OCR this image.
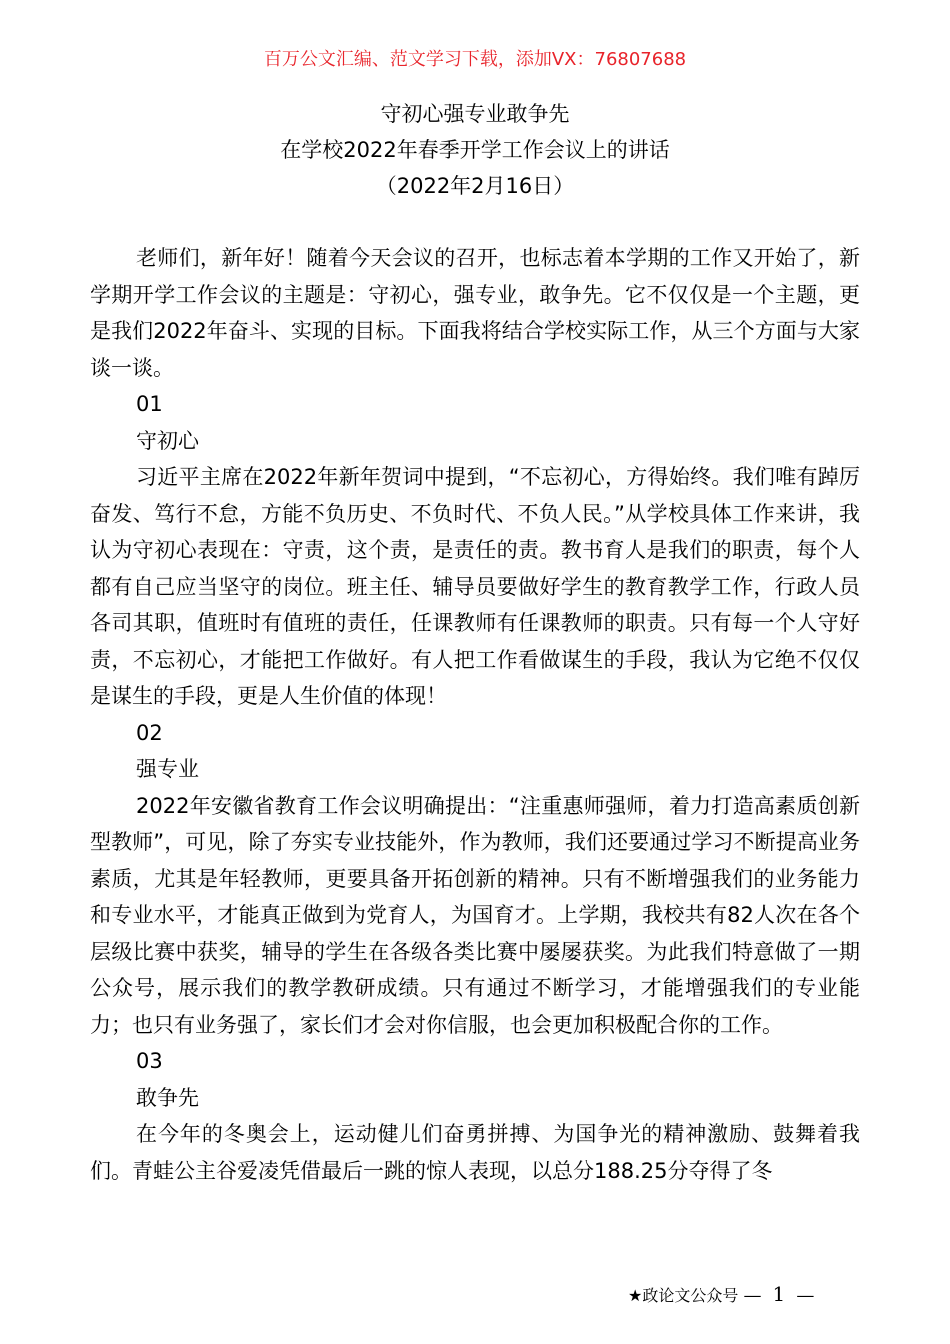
百万公文汇编、范文学习下载，添加VX：76807688
守初心强专业敢争先
在学校2022年春季开学工作会议上的讲话
（2022年2月16日）

老师们，新年好！随着今天会议的召开，也标志着本学期的工作又开始了，新学期开学工作会议的主题是：守初心，强专业，敢争先。它不仅仅是一个主题，更是我们2022年奋斗、实现的目标。下面我将结合学校实际工作，从三个方面与大家谈一谈。

01

守初心

习近平主席在2022年新年贺词中提到，“不忘初心，方得始终。我们唯有踔厉奋发、笃行不怠，方能不负历史、不负时代、不负人民。”从学校具体工作来讲，我认为守初心表现在：守责，这个责，是责任的责。教书育人是我们的职责，每个人都有自己应当坚守的岗位。班主任、辅导员要做好学生的教育教学工作，行政人员各司其职，值班时有值班的责任，任课教师有任课教师的职责。只有每一个人守好责，不忘初心，才能把工作做好。有人把工作看做谋生的手段，我认为它绝不仅仅是谋生的手段，更是人生价值的体现！

02

强专业

2022年安徽省教育工作会议明确提出：“注重惠师强师，着力打造高素质创新型教师”，可见，除了夯实专业技能外，作为教师，我们还要通过学习不断提高业务素质，尤其是年轻教师，更要具备开拓创新的精神。只有不断增强我们的业务能力和专业水平，才能真正做到为党育人，为国育才。上学期，我校共有82人次在各个层级比赛中获奖，辅导的学生在各级各类比赛中屡屡获奖。为此我们特意做了一期公众号，展示我们的教学教研成绩。只有通过不断学习，才能增强我们的专业能力；也只有业务强了，家长们才会对你信服，也会更加积极配合你的工作。

03

敢争先

在今年的冬奥会上，运动健儿们奋勇拼搏、为国争光的精神激励、鼓舞着我们。青蛙公主谷爱凌凭借最后一跳的惊人表现，以总分188.25分夺得了冬

★政论文公众号 — 1 —
